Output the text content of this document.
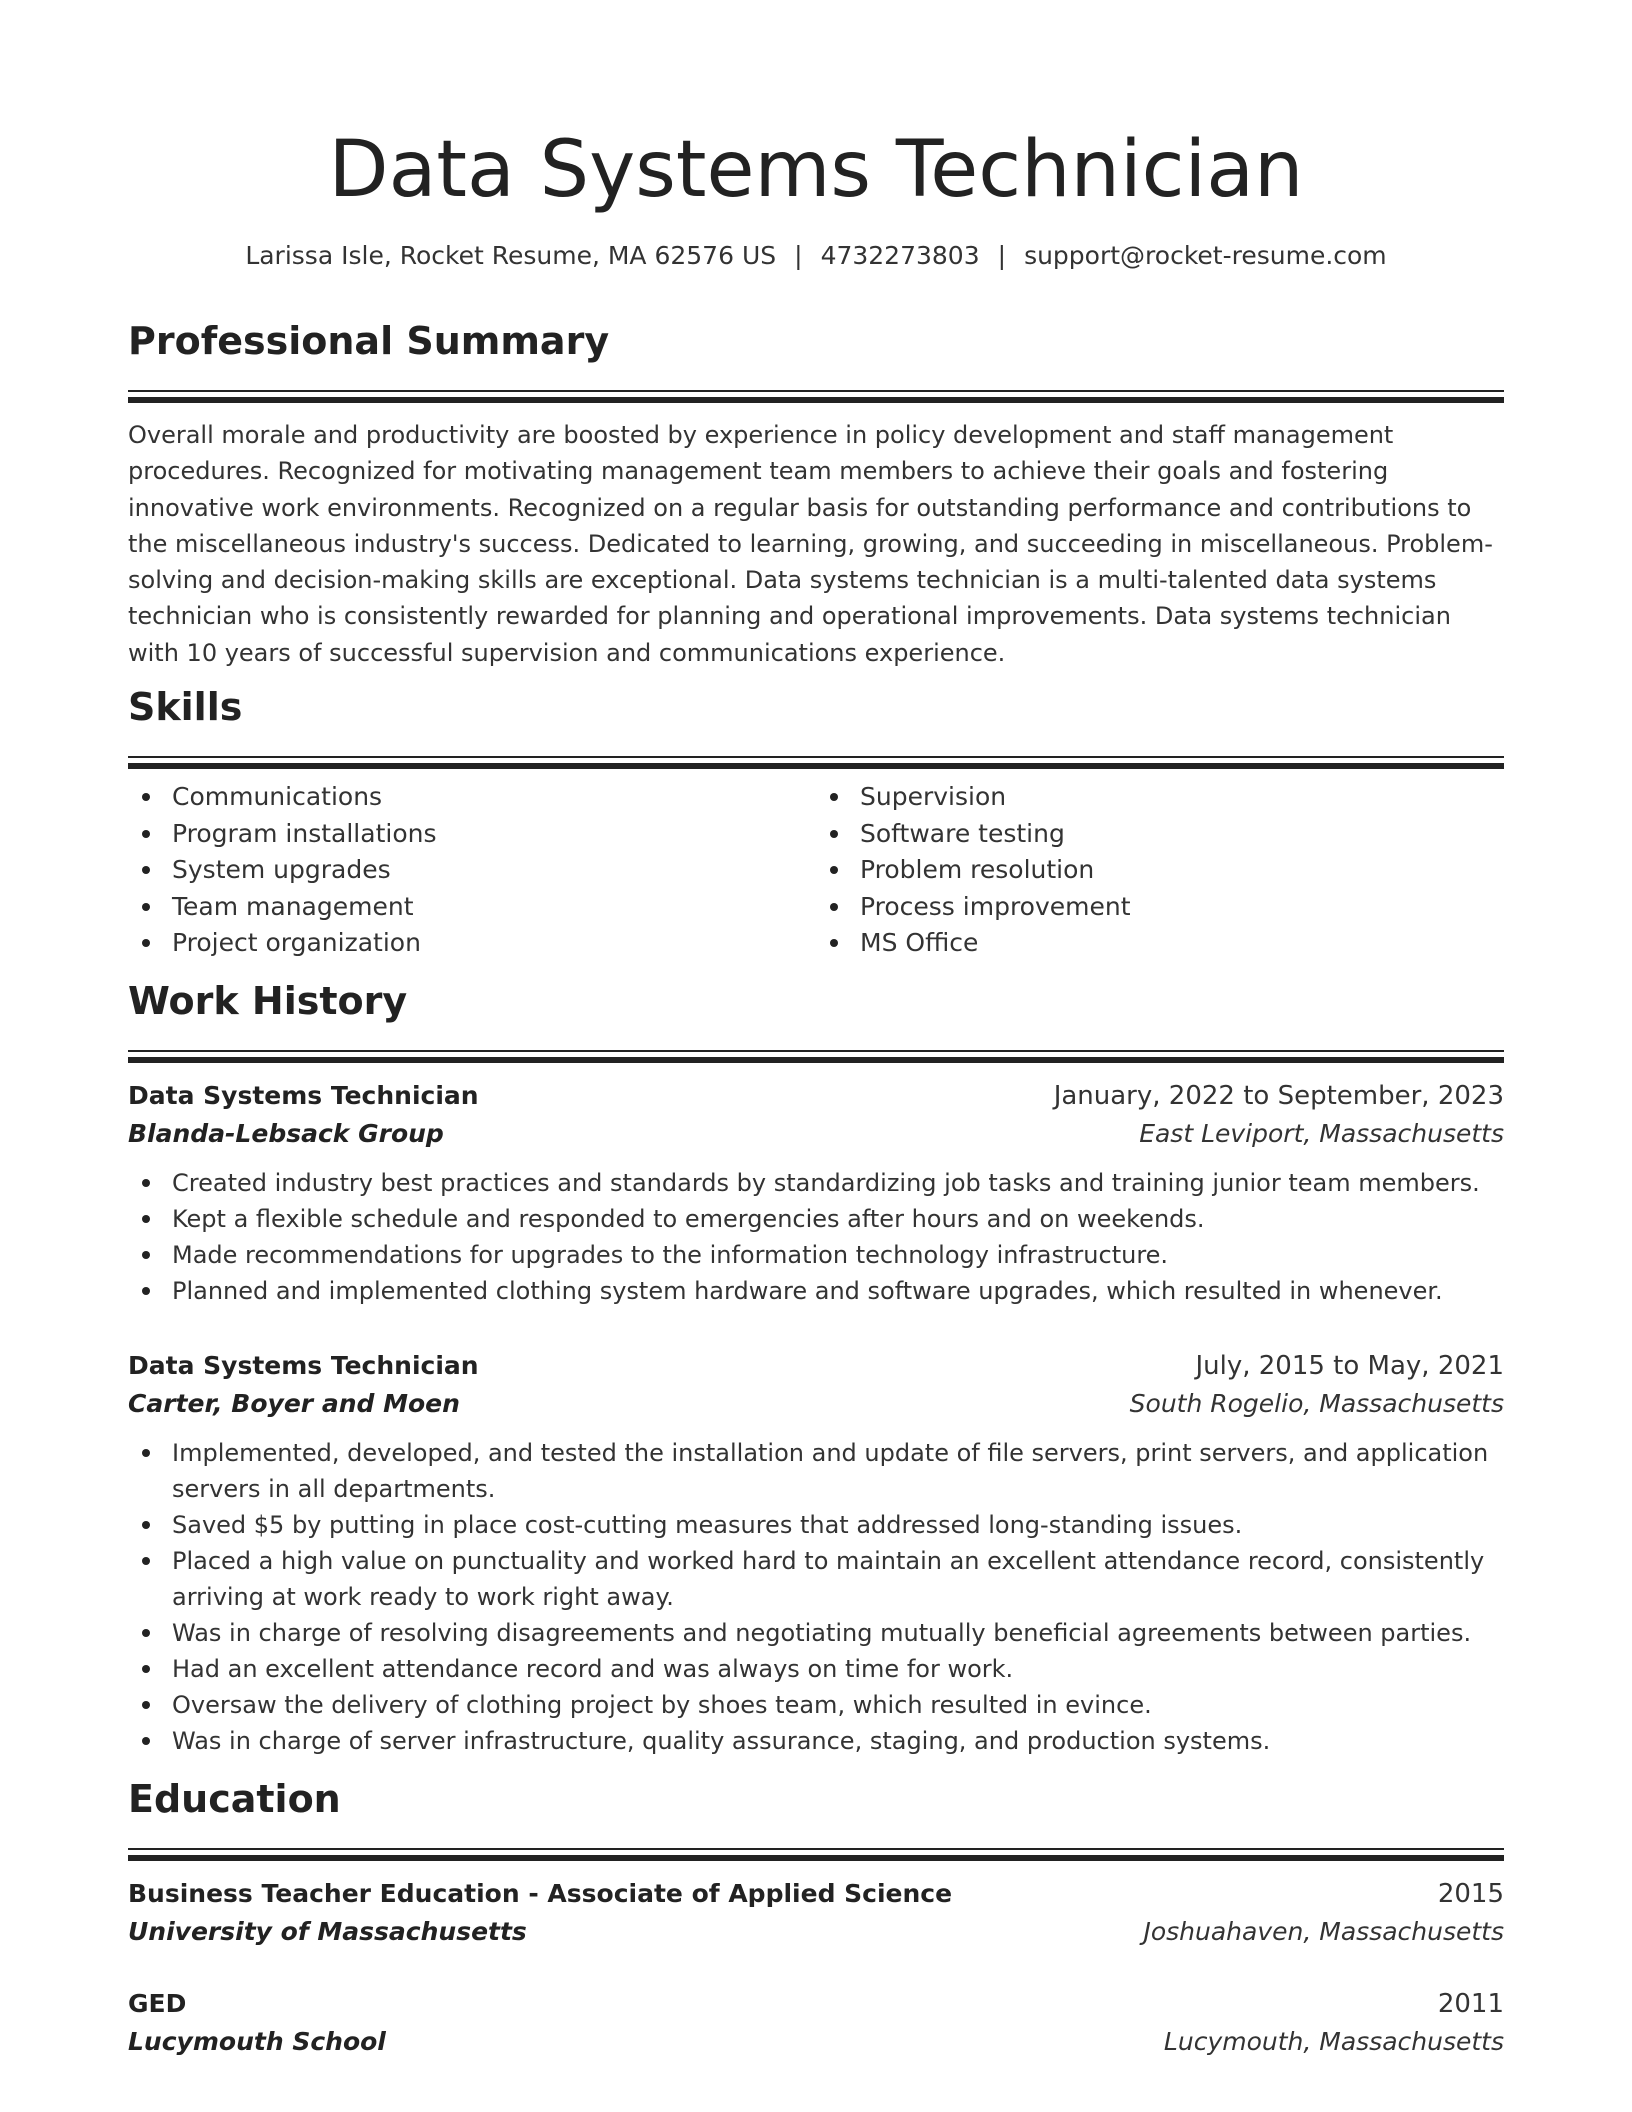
Data Systems Technician
Larissa Isle, Rocket Resume, MA 62576 US | 4732273803 | support@rocket-resume.com
Professional Summary

Overall morale and productivity are boosted by experience in policy development and staff management procedures. Recognized for motivating management team members to achieve their goals and fostering innovative work environments. Recognized on a regular basis for outstanding performance and contributions to the miscellaneous industry's success. Dedicated to learning, growing, and succeeding in miscellaneous. Problem-solving and decision-making skills are exceptional. Data systems technician is a multi-talented data systems technician who is consistently rewarded for planning and operational improvements. Data systems technician with 10 years of successful supervision and communications experience.

Skills
Communications
Program installations
System upgrades
Team management
Project organization
Supervision
Software testing
Problem resolution
Process improvement
MS Office
Work History
Data Systems Technician	January, 2022 to September, 2023
Blanda-Lebsack Group	East Leviport, Massachusetts
Created industry best practices and standards by standardizing job tasks and training junior team members.
Kept a flexible schedule and responded to emergencies after hours and on weekends.
Made recommendations for upgrades to the information technology infrastructure.
Planned and implemented clothing system hardware and software upgrades, which resulted in whenever.
Data Systems Technician	July, 2015 to May, 2021
Carter, Boyer and Moen	South Rogelio, Massachusetts
Implemented, developed, and tested the installation and update of file servers, print servers, and application servers in all departments.
Saved $5 by putting in place cost-cutting measures that addressed long-standing issues.
Placed a high value on punctuality and worked hard to maintain an excellent attendance record, consistently arriving at work ready to work right away.
Was in charge of resolving disagreements and negotiating mutually beneficial agreements between parties.
Had an excellent attendance record and was always on time for work.
Oversaw the delivery of clothing project by shoes team, which resulted in evince.
Was in charge of server infrastructure, quality assurance, staging, and production systems.
Education
Business Teacher Education - Associate of Applied Science	2015
University of Massachusetts	Joshuahaven, Massachusetts
GED	2011
Lucymouth School	Lucymouth, Massachusetts
